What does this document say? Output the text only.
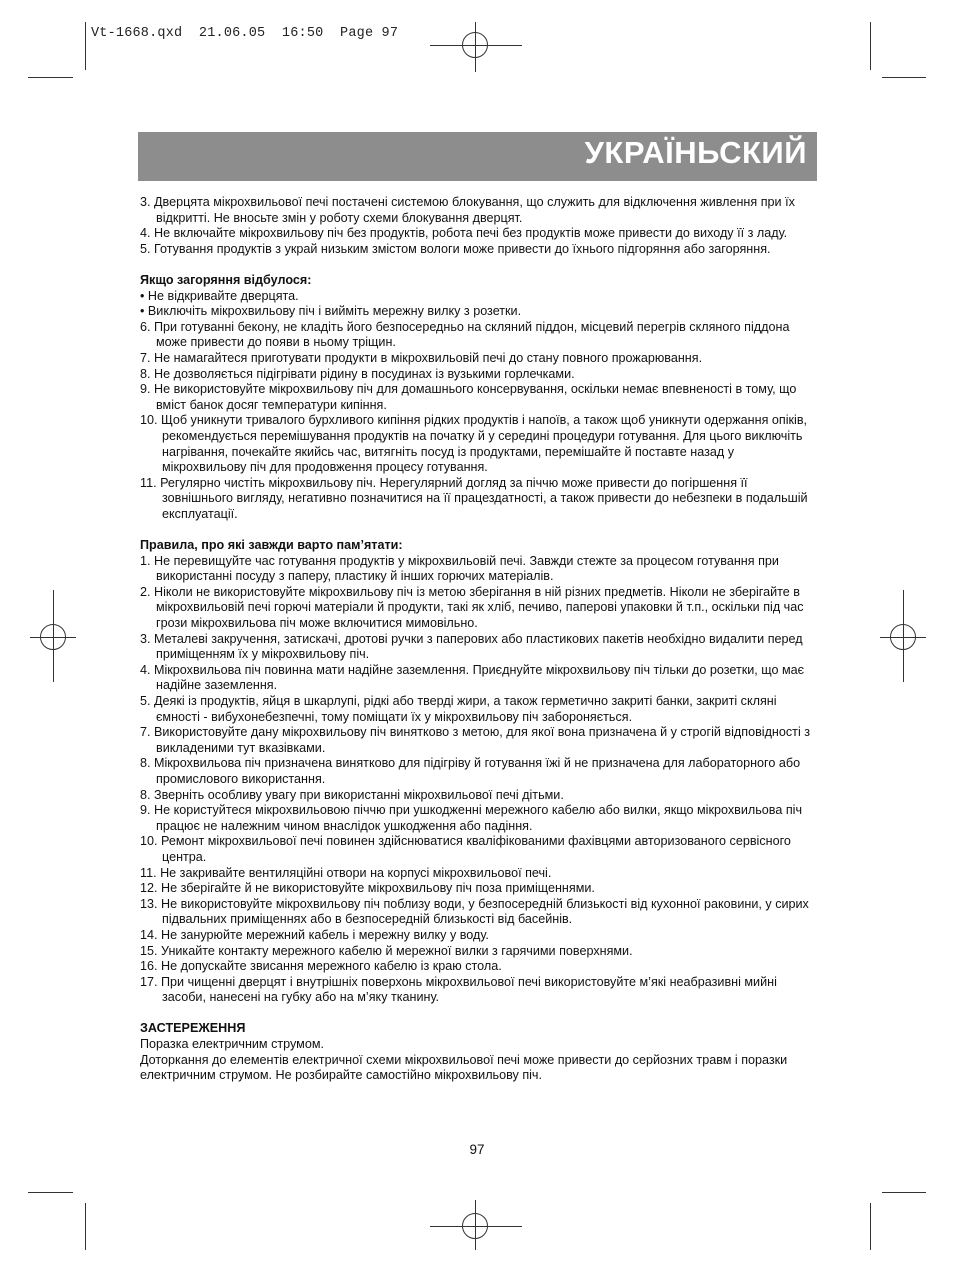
Vt-1668.qxd  21.06.05  16:50  Page 97
УКРАЇНЬСКИЙ

3. Дверцята мікрохвильової печі постачені системою блокування, що служить для відключення живлення при їх відкритті. Не вносьте змін у роботу схеми блокування дверцят.

4. Не включайте мікрохвильову піч без продуктів, робота печі без продуктів може привести до виходу її з ладу.

5. Готування продуктів з украй низьким змістом вологи може привести до їхнього підгоряння або загоряння.

Якщо загоряння відбулося:

• Не відкривайте дверцята.

• Виключіть мікрохвильову піч і вийміть мережну вилку з розетки.

6. При готуванні бекону, не кладіть його безпосередньо на скляний піддон, місцевий перегрів скляного піддона може привести до появи в ньому тріщин.

7. Не намагайтеся приготувати продукти в мікрохвильовій печі до стану повного прожарювання.

8. Не дозволяється підігрівати рідину в посудинах із вузькими горлечками.

9. Не використовуйте мікрохвильову піч для домашнього консервування, оскільки немає впевненості в тому, що вміст банок досяг температури кипіння.

10. Щоб уникнути тривалого бурхливого кипіння рідких продуктів і напоїв, а також щоб уникнути одержання опіків, рекомендується перемішування продуктів на початку й у середині процедури готування. Для цього виключіть нагрівання, почекайте якийсь час, витягніть посуд із продуктами, перемішайте й поставте назад у мікрохвильову піч для продовження процесу готування.

11. Регулярно чистіть мікрохвильову піч. Нерегулярний догляд за піччю може привести до погіршення її зовнішнього вигляду, негативно позначитися на її працездатності, а також привести до небезпеки в подальшій експлуатації.

Правила, про які завжди варто пам’ятати:

1. Не перевищуйте час готування продуктів у мікрохвильовій печі. Завжди стежте за процесом готування при використанні посуду з паперу, пластику й інших горючих матеріалів.

2. Ніколи не використовуйте мікрохвильову піч із метою зберігання в ній різних предметів. Ніколи не зберігайте в мікрохвильовій печі горючі матеріали й продукти, такі як хліб, печиво, паперові упаковки й т.п., оскільки під час грози мікрохвильова піч може включитися мимовільно.

3. Металеві закручення, затискачі, дротові ручки з паперових або пластикових пакетів необхідно видалити перед приміщенням їх у мікрохвильову піч.

4. Мікрохвильова піч повинна мати надійне заземлення. Приєднуйте мікрохвильову піч тільки до розетки, що має надійне заземлення.

5. Деякі із продуктів, яйця в шкарлупі, рідкі або тверді жири, а також герметично закриті банки, закриті скляні ємності - вибухонебезпечні, тому поміщати їх у мікрохвильову піч забороняється.

7. Використовуйте дану мікрохвильову піч винятково з метою, для якої вона призначена й у строгій відповідності з викладеними тут вказівками.

8. Мікрохвильова піч призначена винятково для підігріву й готування їжі й не призначена для лабораторного або промислового використання.

8. Зверніть особливу увагу при використанні мікрохвильової печі дітьми.

9. Не користуйтеся мікрохвильовою піччю при ушкодженні мережного кабелю або вилки, якщо мікрохвильова піч працює не належним чином внаслідок ушкодження або падіння.

10. Ремонт мікрохвильової печі повинен здійснюватися кваліфікованими фахівцями авторизованого сервісного центра.

11. Не закривайте вентиляційні отвори на корпусі мікрохвильової печі.

12. Не зберігайте й не використовуйте мікрохвильову піч поза приміщеннями.

13. Не використовуйте мікрохвильову піч поблизу води, у безпосередній близькості від кухонної раковини, у сирих підвальних приміщеннях або в безпосередній близькості від басейнів.

14. Не занурюйте мережний кабель і мережну вилку у воду.

15. Уникайте контакту мережного кабелю й мережної вилки з гарячими поверхнями.

16. Не допускайте звисання мережного кабелю із краю стола.

17. При чищенні дверцят і внутрішніх поверхонь мікрохвильової печі використовуйте м’які неабразивні мийні засоби, нанесені на губку або на м’яку тканину.

ЗАСТЕРЕЖЕННЯ

Поразка електричним струмом.

Доторкання до елементів електричної схеми мікрохвильової печі може привести до серйозних травм і поразки електричним струмом. Не розбирайте самостійно мікрохвильову піч.

97
